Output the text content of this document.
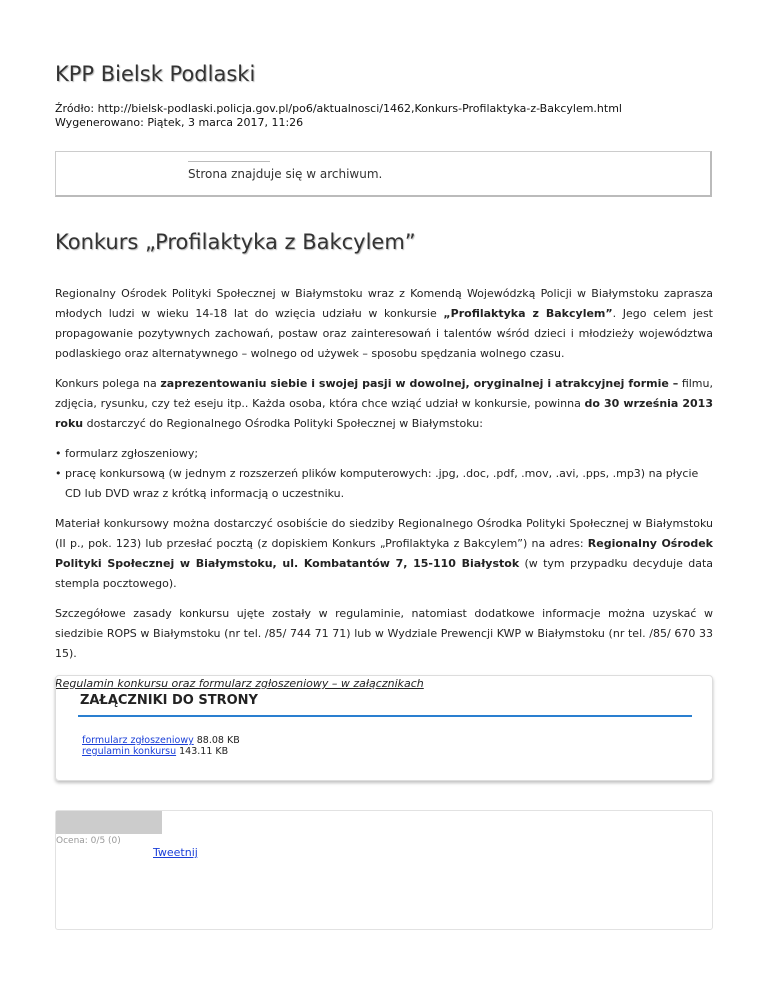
KPP Bielsk Podlaski
Źródło: http://bielsk-podlaski.policja.gov.pl/po6/aktualnosci/1462,Konkurs-Profilaktyka-z-Bakcylem.html
Wygenerowano: Piątek, 3 marca 2017, 11:26
Strona znajduje się w archiwum.
Konkurs „Profilaktyka z Bakcylem”

Regionalny Ośrodek Polityki Społecznej w Białymstoku wraz z Komendą Wojewódzką Policji w Białymstoku zaprasza młodych ludzi w wieku 14-18 lat do wzięcia udziału w konkursie „Profilaktyka z Bakcylem”. Jego celem jest propagowanie pozytywnych zachowań, postaw oraz zainteresowań i talentów wśród dzieci i młodzieży województwa podlaskiego oraz alternatywnego – wolnego od używek – sposobu spędzania wolnego czasu.

Konkurs polega na zaprezentowaniu siebie i swojej pasji w dowolnej, oryginalnej i atrakcyjnej formie – filmu, zdjęcia, rysunku, czy też eseju itp.. Każda osoba, która chce wziąć udział w konkursie, powinna do 30 września 2013 roku dostarczyć do Regionalnego Ośrodka Polityki Społecznej w Białymstoku:

• formularz zgłoszeniowy;
• pracę konkursową (w jednym z rozszerzeń plików komputerowych: .jpg, .doc, .pdf, .mov, .avi, .pps, .mp3) na płycie CD lub DVD wraz z krótką informacją o uczestniku.

Materiał konkursowy można dostarczyć osobiście do siedziby Regionalnego Ośrodka Polityki Społecznej w Białymstoku (II p., pok. 123) lub przesłać pocztą (z dopiskiem Konkurs „Profilaktyka z Bakcylem”) na adres: Regionalny Ośrodek Polityki Społecznej w Białymstoku, ul. Kombatantów 7, 15-110 Białystok (w tym przypadku decyduje data stempla pocztowego).

Szczegółowe zasady konkursu ujęte zostały w regulaminie, natomiast dodatkowe informacje można uzyskać w siedzibie ROPS w Białymstoku (nr tel. /85/ 744 71 71) lub w Wydziale Prewencji KWP w Białymstoku (nr tel. /85/ 670 33 15).

Regulamin konkursu oraz formularz zgłoszeniowy – w załącznikach

ZAŁĄCZNIKI DO STRONY
formularz zgłoszeniowy 88.08 KB
regulamin konkursu 143.11 KB
Ocena: 0/5 (0)
Tweetnij
